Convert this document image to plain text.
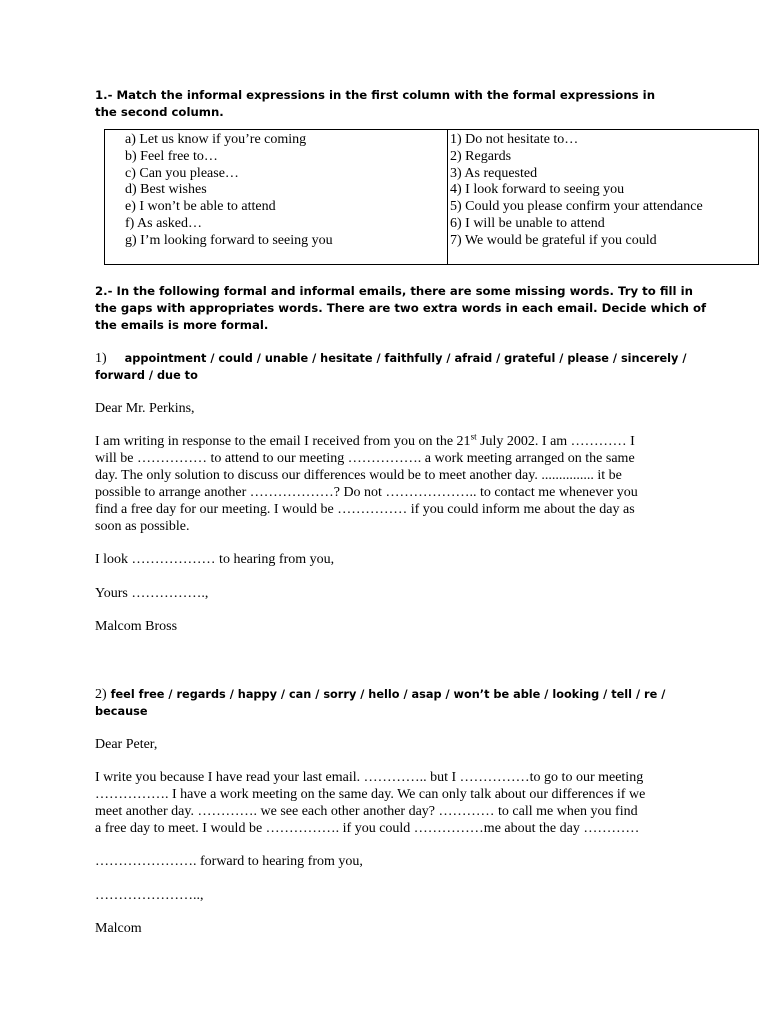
1.- Match the informal expressions in the first column with the formal expressions in
the second column.
a) Let us know if you’re coming
b) Feel free to…
c) Can you please…
d) Best wishes
e) I won’t be able to attend
f) As asked…
g) I’m looking forward to seeing you

1) Do not hesitate to…
2) Regards
3) As requested
4) I look forward to seeing you
5) Could you please confirm your attendance
6) I will be unable to attend
7) We would be grateful if you could
2.- In the following formal and informal emails, there are some missing words. Try to fill in
the gaps with appropriates words. There are two extra words in each email. Decide which of
the emails is more formal.
1) appointment / could / unable / hesitate / faithfully / afraid / grateful / please / sincerely /
forward / due to
Dear Mr. Perkins,
I am writing in response to the email I received from you on the 21st July 2002. I am ………… I
will be …………… to attend to our meeting ……………. a work meeting arranged on the same
day. The only solution to discuss our differences would be to meet another day. ............... it be
possible to arrange another ………………? Do not ……………….. to contact me whenever you
find a free day for our meeting. I would be …………… if you could inform me about the day as
soon as possible.
I look ……………… to hearing from you,
Yours …………….,
Malcom Bross
2) feel free / regards / happy / can / sorry / hello / asap / won’t be able / looking / tell / re /
because
Dear Peter,
I write you because I have read your last email. ………….. but I ……………to go to our meeting
……………. I have a work meeting on the same day. We can only talk about our differences if we
meet another day. …………. we see each other another day? ………… to call me when you find
a free day to meet. I would be ……………. if you could ……………me about the day …………
…………………. forward to hearing from you,
…………………..,
Malcom
